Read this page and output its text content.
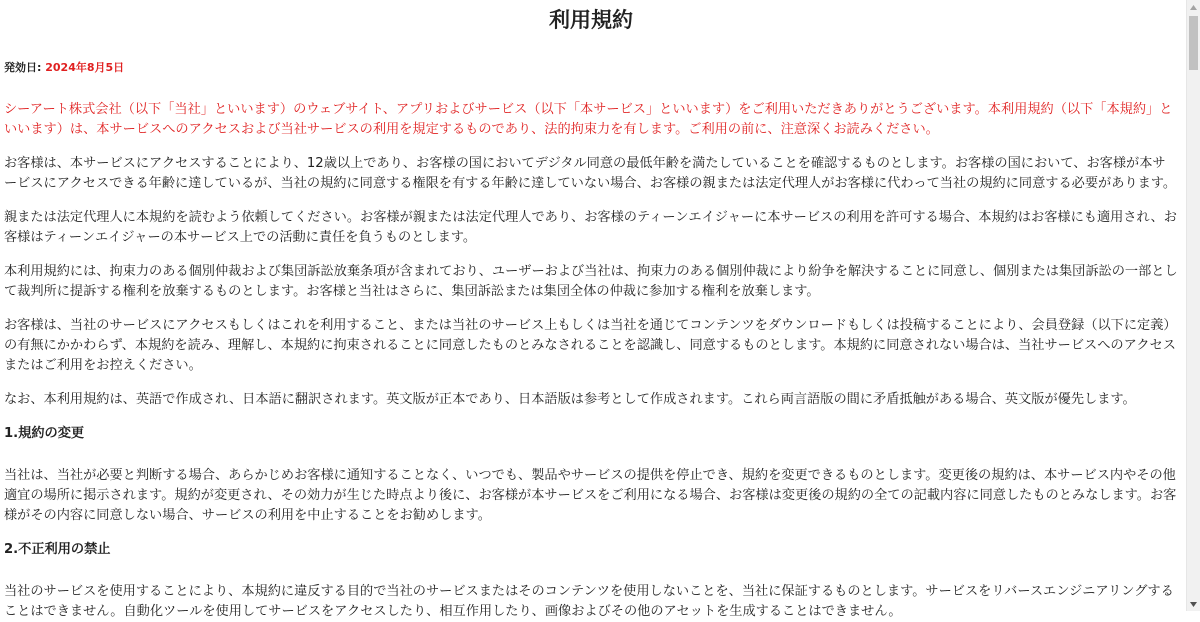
利用規約
発効日: 2024年8月5日

シーアート株式会社（以下「当社」といいます）のウェブサイト、アプリおよびサービス（以下「本サービス」といいます）をご利用いただきありがとうございます。本利用規約（以下「本規約」といいます）は、本サービスへのアクセスおよび当社サービスの利用を規定するものであり、法的拘束力を有します。ご利用の前に、注意深くお読みください。

お客様は、本サービスにアクセスすることにより、12歳以上であり、お客様の国においてデジタル同意の最低年齢を満たしていることを確認するものとします。お客様の国において、お客様が本サービスにアクセスできる年齢に達しているが、当社の規約に同意する権限を有する年齢に達していない場合、お客様の親または法定代理人がお客様に代わって当社の規約に同意する必要があります。

親または法定代理人に本規約を読むよう依頼してください。お客様が親または法定代理人であり、お客様のティーンエイジャーに本サービスの利用を許可する場合、本規約はお客様にも適用され、お客様はティーンエイジャーの本サービス上での活動に責任を負うものとします。

本利用規約には、拘束力のある個別仲裁および集団訴訟放棄条項が含まれており、ユーザーおよび当社は、拘束力のある個別仲裁により紛争を解決することに同意し、個別または集団訴訟の一部として裁判所に提訴する権利を放棄するものとします。お客様と当社はさらに、集団訴訟または集団全体の仲裁に参加する権利を放棄します。

お客様は、当社のサービスにアクセスもしくはこれを利用すること、または当社のサービス上もしくは当社を通じてコンテンツをダウンロードもしくは投稿することにより、会員登録（以下に定義）の有無にかかわらず、本規約を読み、理解し、本規約に拘束されることに同意したものとみなされることを認識し、同意するものとします。本規約に同意されない場合は、当社サービスへのアクセスまたはご利用をお控えください。

なお、本利用規約は、英語で作成され、日本語に翻訳されます。英文版が正本であり、日本語版は参考として作成されます。これら両言語版の間に矛盾抵触がある場合、英文版が優先します。

1.規約の変更

当社は、当社が必要と判断する場合、あらかじめお客様に通知することなく、いつでも、製品やサービスの提供を停止でき、規約を変更できるものとします。変更後の規約は、本サービス内やその他適宜の場所に掲示されます。規約が変更され、その効力が生じた時点より後に、お客様が本サービスをご利用になる場合、お客様は変更後の規約の全ての記載内容に同意したものとみなします。お客様がその内容に同意しない場合、サービスの利用を中止することをお勧めします。

2.不正利用の禁止

当社のサービスを使用することにより、本規約に違反する目的で当社のサービスまたはそのコンテンツを使用しないことを、当社に保証するものとします。サービスをリバースエンジニアリングすることはできません。自動化ツールを使用してサービスをアクセスしたり、相互作用したり、画像およびその他のアセットを生成することはできません。
